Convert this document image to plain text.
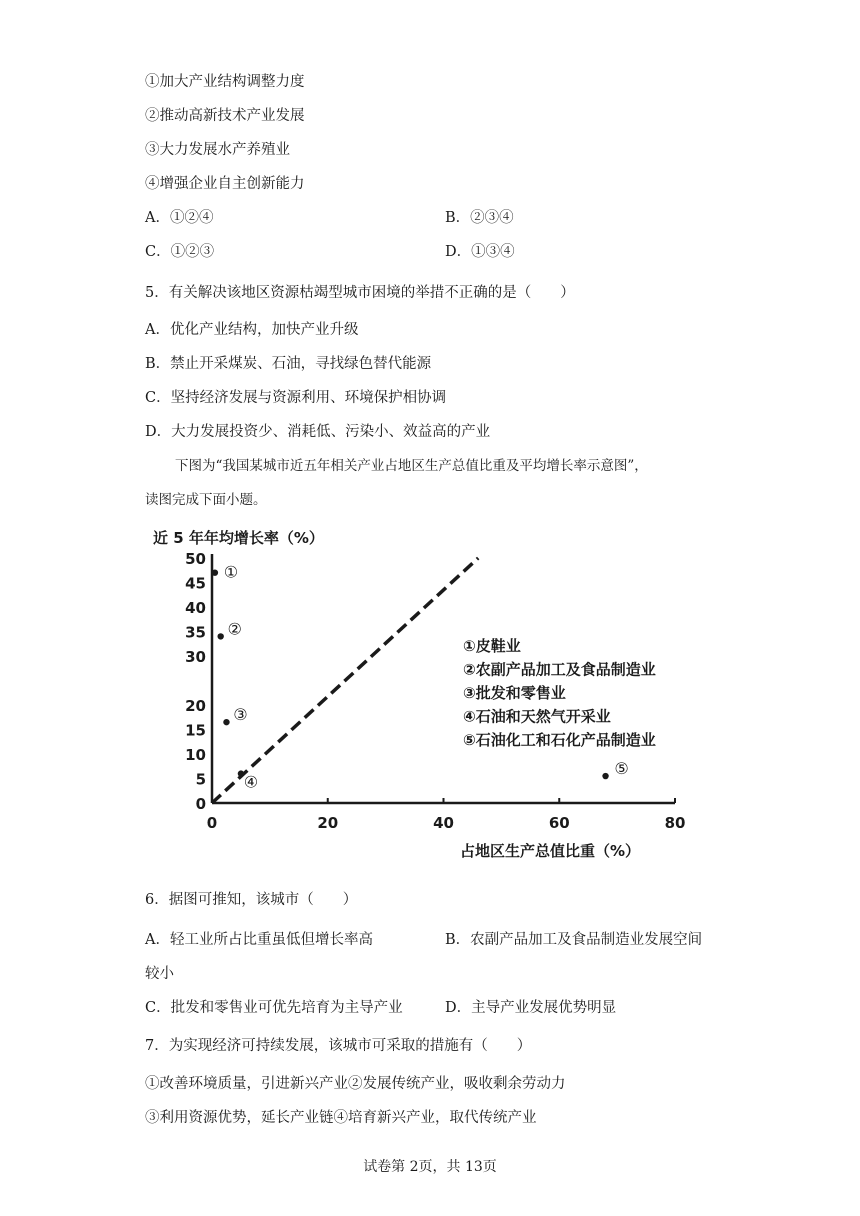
①加大产业结构调整力度
②推动高新技术产业发展
③大力发展水产养殖业
④增强企业自主创新能力
A．①②④	B．②③④
C．①②③	D．①③④
5．有关解决该地区资源枯竭型城市困境的举措不正确的是（　　）
A．优化产业结构，加快产业升级
B．禁止开采煤炭、石油，寻找绿色替代能源
C．坚持经济发展与资源利用、环境保护相协调
D．大力发展投资少、消耗低、污染小、效益高的产业
下图为“我国某城市近五年相关产业占地区生产总值比重及平均增长率示意图”，
读图完成下面小题。
近 5 年年均增长率（%）
占地区生产总值比重（%）
0	20	40	60	80
0
5
10
15
20
30
35
40
45
50
①
②
③
④
⑤
①皮鞋业
②农副产品加工及食品制造业
③批发和零售业
④石油和天然气开采业
⑤石油化工和石化产品制造业
6．据图可推知，该城市（　　）
A．轻工业所占比重虽低但增长率高	B．农副产品加工及食品制造业发展空间
较小
C．批发和零售业可优先培育为主导产业	D．主导产业发展优势明显
7．为实现经济可持续发展，该城市可采取的措施有（　　）
①改善环境质量，引进新兴产业②发展传统产业，吸收剩余劳动力
③利用资源优势，延长产业链④培育新兴产业，取代传统产业
试卷第 2页，共 13页
